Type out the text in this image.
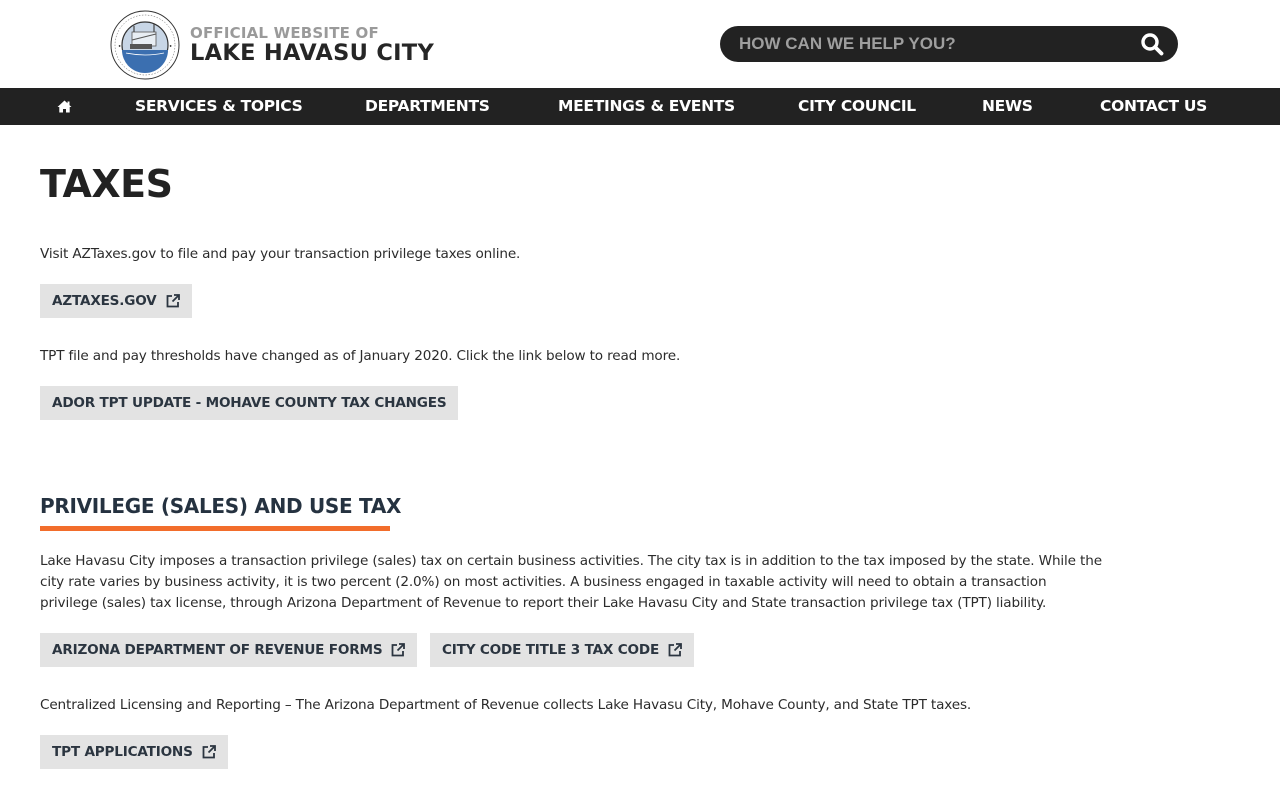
•	•
OFFICIAL WEBSITE OF
LAKE HAVASU CITY
HOW CAN WE HELP YOU?
SERVICES & TOPICS	DEPARTMENTS	MEETINGS & EVENTS	CITY COUNCIL	NEWS	CONTACT US
TAXES

Visit AZTaxes.gov to file and pay your transaction privilege taxes online.

AZTAXES.GOV

TPT file and pay thresholds have changed as of January 2020. Click the link below to read more.

ADOR TPT UPDATE - MOHAVE COUNTY TAX CHANGES
PRIVILEGE (SALES) AND USE TAX

Lake Havasu City imposes a transaction privilege (sales) tax on certain business activities. The city tax is in addition to the tax imposed by the state. While the

city rate varies by business activity, it is two percent (2.0%) on most activities. A business engaged in taxable activity will need to obtain a transaction

privilege (sales) tax license, through Arizona Department of Revenue to report their Lake Havasu City and State transaction privilege tax (TPT) liability.

ARIZONA DEPARTMENT OF REVENUE FORMS	CITY CODE TITLE 3 TAX CODE

Centralized Licensing and Reporting – The Arizona Department of Revenue collects Lake Havasu City, Mohave County, and State TPT taxes.

TPT APPLICATIONS
